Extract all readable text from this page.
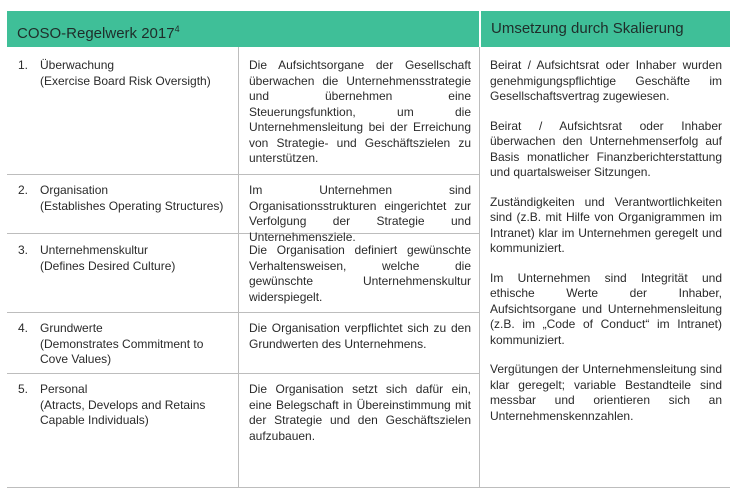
COSO-Regelwerk 2017$^4$	Umsetzung durch Skalierung
1. Überwachung
(Exercise Board Risk Oversigth)
Die Aufsichtsorgane der Gesellschaft überwachen die Unternehmensstrategie und übernehmen eine Steuerungsfunktion, um die Unternehmensleitung bei der Erreichung von Strategie- und Geschäftszielen zu unterstützen.
2. Organisation
(Establishes Operating Structures)
Im Unternehmen sind Organisationsstrukturen eingerichtet zur Verfolgung der Strategie und Unternehmensziele.
3. Unternehmenskultur
(Defines Desired Culture)
Die Organisation definiert gewünschte Verhaltensweisen, welche die gewünschte Unternehmenskultur widerspiegelt.
4. Grundwerte
(Demonstrates Commitment to Cove Values)
Die Organisation verpflichtet sich zu den Grundwerten des Unternehmens.
5. Personal
(Atracts, Develops and Retains Capable Individuals)
Die Organisation setzt sich dafür ein, eine Belegschaft in Übereinstimmung mit der Strategie und den Geschäftszielen aufzubauen.

Beirat / Aufsichtsrat oder Inhaber wurden genehmigungspflichtige Geschäfte im Gesellschaftsvertrag zugewiesen.

Beirat / Aufsichtsrat oder Inhaber überwachen den Unternehmenserfolg auf Basis monatlicher Finanzberichterstattung und quartalsweiser Sitzungen.

Zuständigkeiten und Verantwortlichkeiten sind (z.B. mit Hilfe von Organigrammen im Intranet) klar im Unternehmen geregelt und kommuniziert.

Im Unternehmen sind Integrität und ethische Werte der Inhaber, Aufsichtsorgane und Unternehmensleitung (z.B. im „Code of Conduct“ im Intranet) kommuniziert.

Vergütungen der Unternehmensleitung sind klar geregelt; variable Bestandteile sind messbar und orientieren sich an Unternehmenskennzahlen.
